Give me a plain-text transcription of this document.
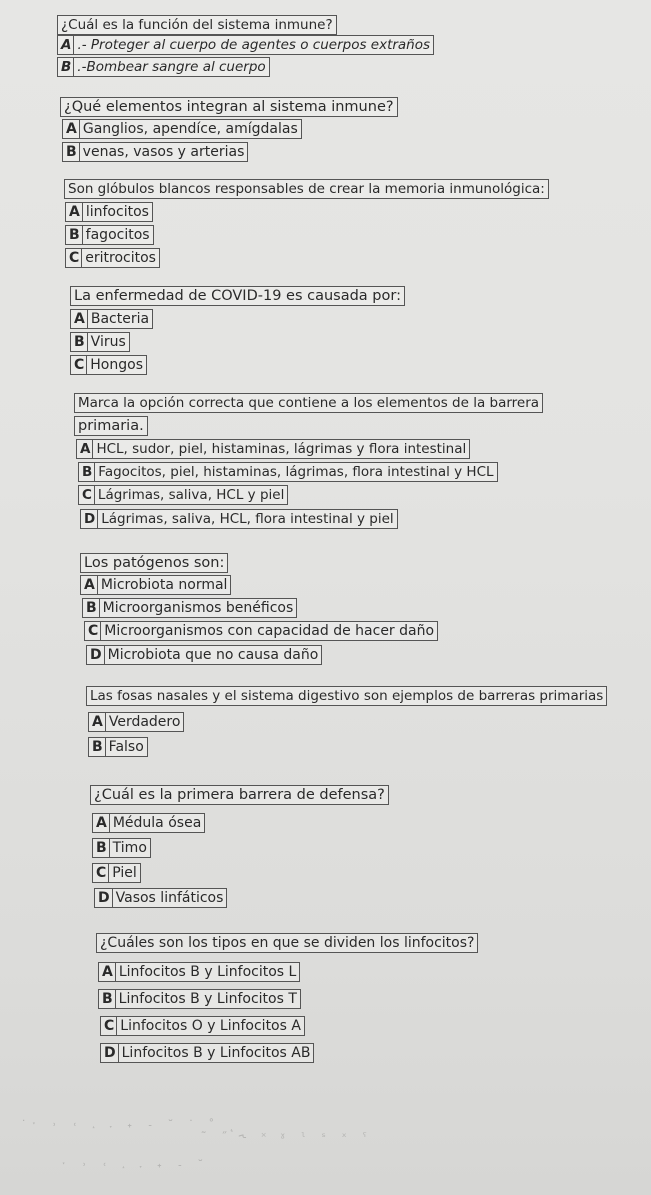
¿Cuál es la función del sistema inmune?
A .- Proteger al cuerpo de agentes o cuerpos extraños
B .-Bombear sangre al cuerpo
¿Qué elementos integran al sistema inmune?
A Ganglios, apendíce, amígdalas
B venas, vasos y arterias
Son glóbulos blancos responsables de crear la memoria inmunológica:
A linfocitos
B fagocitos
C eritrocitos
La enfermedad de COVID-19 es causada por:
A Bacteria
B Virus
C Hongos
Marca la opción correcta que contiene a los elementos de la barrera
primaria.
A HCL, sudor, piel, histaminas, lágrimas y flora intestinal
B Fagocitos, piel, histaminas, lágrimas, flora intestinal y HCL
C Lágrimas, saliva, HCL y piel
D Lágrimas, saliva, HCL, flora intestinal y piel
Los patógenos son:
A Microbiota normal
B Microorganismos benéficos
C Microorganismos con capacidad de hacer daño
D Microbiota que no causa daño
Las fosas nasales y el sistema digestivo son ejemplos de barreras primarias
A Verdadero
B Falso
¿Cuál es la primera barrera de defensa?
A Médula ósea
B Timo
C Piel
D Vasos linfáticos
¿Cuáles son los tipos en que se dividen los linfocitos?
A Linfocitos B y Linfocitos L
B Linfocitos B y Linfocitos T
C Linfocitos O y Linfocitos A
D Linfocitos B y Linfocitos AB
˙ˑ ˒ ˓ ˔ ˕ ˖ ˗ ˘ ˙ ˚ ˛
˜ ˝ ˞ ˟ ˠ ˡ ˢ ˣ ˤ
ˑ ˒ ˓ ˔ ˕ ˖ ˗ ˘
